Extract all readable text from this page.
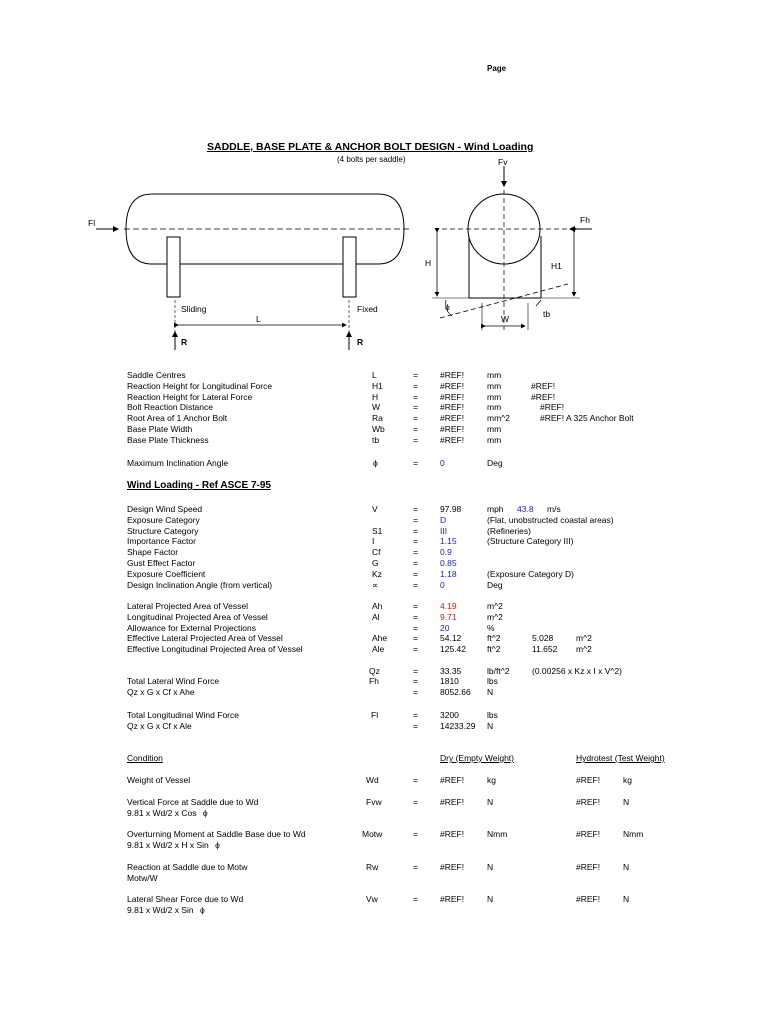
Page
SADDLE, BASE PLATE & ANCHOR BOLT DESIGN - Wind Loading
(4 bolts per saddle)
Fl
Fv
Fh
H	H1
Sliding	Fixed
L
R	R
W	tb
ϕ
Saddle Centres	L	=	#REF!	mm
Reaction Height for Longitudinal Force	H1	=	#REF!	mm	#REF!
Reaction Height for Lateral Force	H	=	#REF!	mm	#REF!
Bolt Reaction Distance	W	=	#REF!	mm	#REF!
Root Area of 1 Anchor Bolt	Ra	=	#REF!	mm^2	#REF! A 325 Anchor Bolt
Base Plate Width	Wb	=	#REF!	mm
Base Plate Thickness	tb	=	#REF!	mm
Maximum Inclination Angle	ϕ	=	0	Deg
Wind Loading - Ref ASCE 7-95
Design Wind Speed	V	=	97.98	mph 43.8 m/s
Exposure Category	=	D	(Flat, unobstructed coastal areas)
Structure Category	S1	=	III	(Refineries)
Importance Factor	I	=	1.15	(Structure Category III)
Shape Factor	Cf	=	0.9
Gust Effect Factor	G	=	0.85
Exposure Coefficient	Kz	=	1.18	(Exposure Category D)
Design Inclination Angle (from vertical)	∝	=	0	Deg
Lateral Projected Area of Vessel	Ah	=	4.19	m^2
Longitudinal Projected Area of Vessel	Al	=	9.71	m^2
Allowance for External Projections	=	20	%
Effective Lateral Projected Area of Vessel	Ahe	=	54.12	ft^2	5.028	m^2
Effective Longitudinal Projected Area of Vessel	Ale	=	125.42 ft^2	11.652 m^2
Qz	=	33.35	lb/ft^2	(0.00256 x Kz x I x V^2)
Total Lateral Wind Force
Qz x G x Cf x Ahe
Fh	=	1810	lbs
=	8052.66 N
Total Longitudinal Wind Force
Qz x G x Cf x Ale
Fl	=	3200	lbs
=	14233.29 N
Condition	Dry (Empty Weight)	Hydrotest (Test Weight)
Weight of Vessel	Wd	=	#REF!	kg	#REF!	kg
Vertical Force at Saddle due to Wd
9.81 x Wd/2 x Cos ϕ
Fvw	=	#REF!	N	#REF!	N
Overturning Moment at Saddle Base due to Wd
9.81 x Wd/2 x H x Sin ϕ
Motw	=	#REF!	Nmm	#REF!	Nmm
Reaction at Saddle due to Motw
Motw/W
Rw	=	#REF!	N	#REF!	N
Lateral Shear Force due to Wd
9.81 x Wd/2 x Sin ϕ
Vw	=	#REF!	N	#REF!	N
